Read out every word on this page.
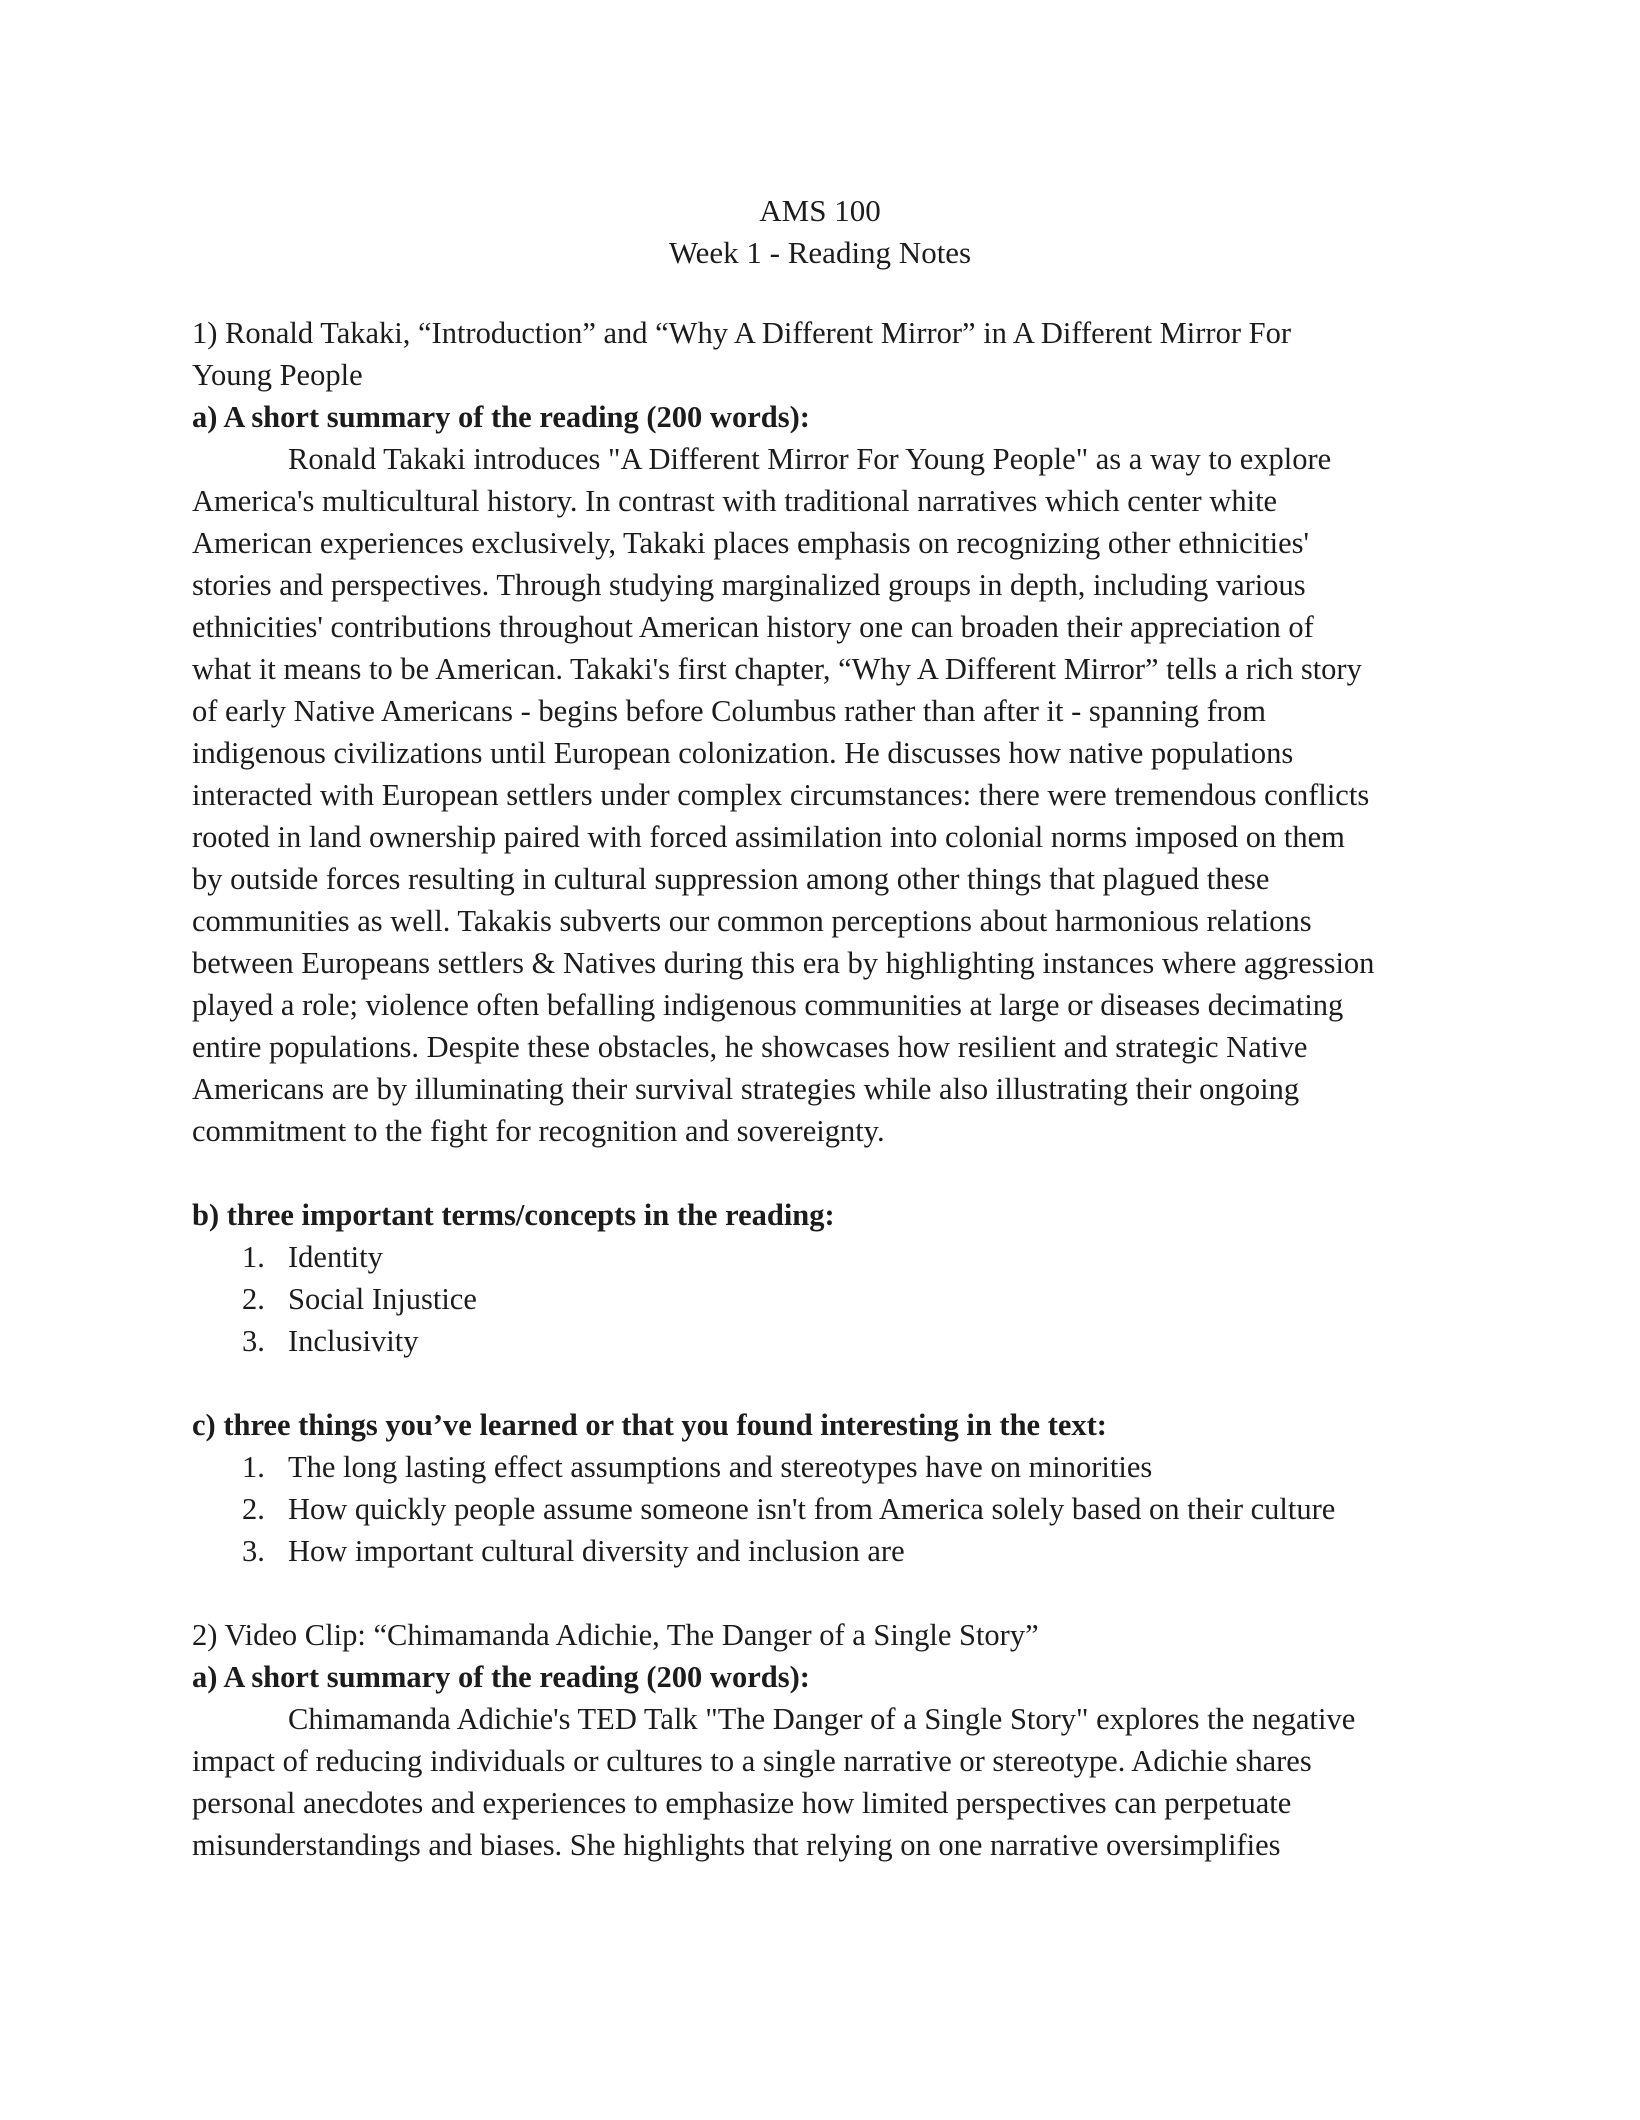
AMS 100
Week 1 - Reading Notes
1) Ronald Takaki, “Introduction” and “Why A Different Mirror” in A Different Mirror For
Young People
a) A short summary of the reading (200 words):
Ronald Takaki introduces "A Different Mirror For Young People" as a way to explore
America's multicultural history. In contrast with traditional narratives which center white
American experiences exclusively, Takaki places emphasis on recognizing other ethnicities'
stories and perspectives. Through studying marginalized groups in depth, including various
ethnicities' contributions throughout American history one can broaden their appreciation of
what it means to be American. Takaki's first chapter, “Why A Different Mirror” tells a rich story
of early Native Americans - begins before Columbus rather than after it - spanning from
indigenous civilizations until European colonization. He discusses how native populations
interacted with European settlers under complex circumstances: there were tremendous conflicts
rooted in land ownership paired with forced assimilation into colonial norms imposed on them
by outside forces resulting in cultural suppression among other things that plagued these
communities as well. Takakis subverts our common perceptions about harmonious relations
between Europeans settlers & Natives during this era by highlighting instances where aggression
played a role; violence often befalling indigenous communities at large or diseases decimating
entire populations. Despite these obstacles, he showcases how resilient and strategic Native
Americans are by illuminating their survival strategies while also illustrating their ongoing
commitment to the fight for recognition and sovereignty.
b) three important terms/concepts in the reading:
1. Identity
2. Social Injustice
3. Inclusivity
c) three things you’ve learned or that you found interesting in the text:
1. The long lasting effect assumptions and stereotypes have on minorities
2. How quickly people assume someone isn't from America solely based on their culture
3. How important cultural diversity and inclusion are
2) Video Clip: “Chimamanda Adichie, The Danger of a Single Story”
a) A short summary of the reading (200 words):
Chimamanda Adichie's TED Talk "The Danger of a Single Story" explores the negative
impact of reducing individuals or cultures to a single narrative or stereotype. Adichie shares
personal anecdotes and experiences to emphasize how limited perspectives can perpetuate
misunderstandings and biases. She highlights that relying on one narrative oversimplifies
